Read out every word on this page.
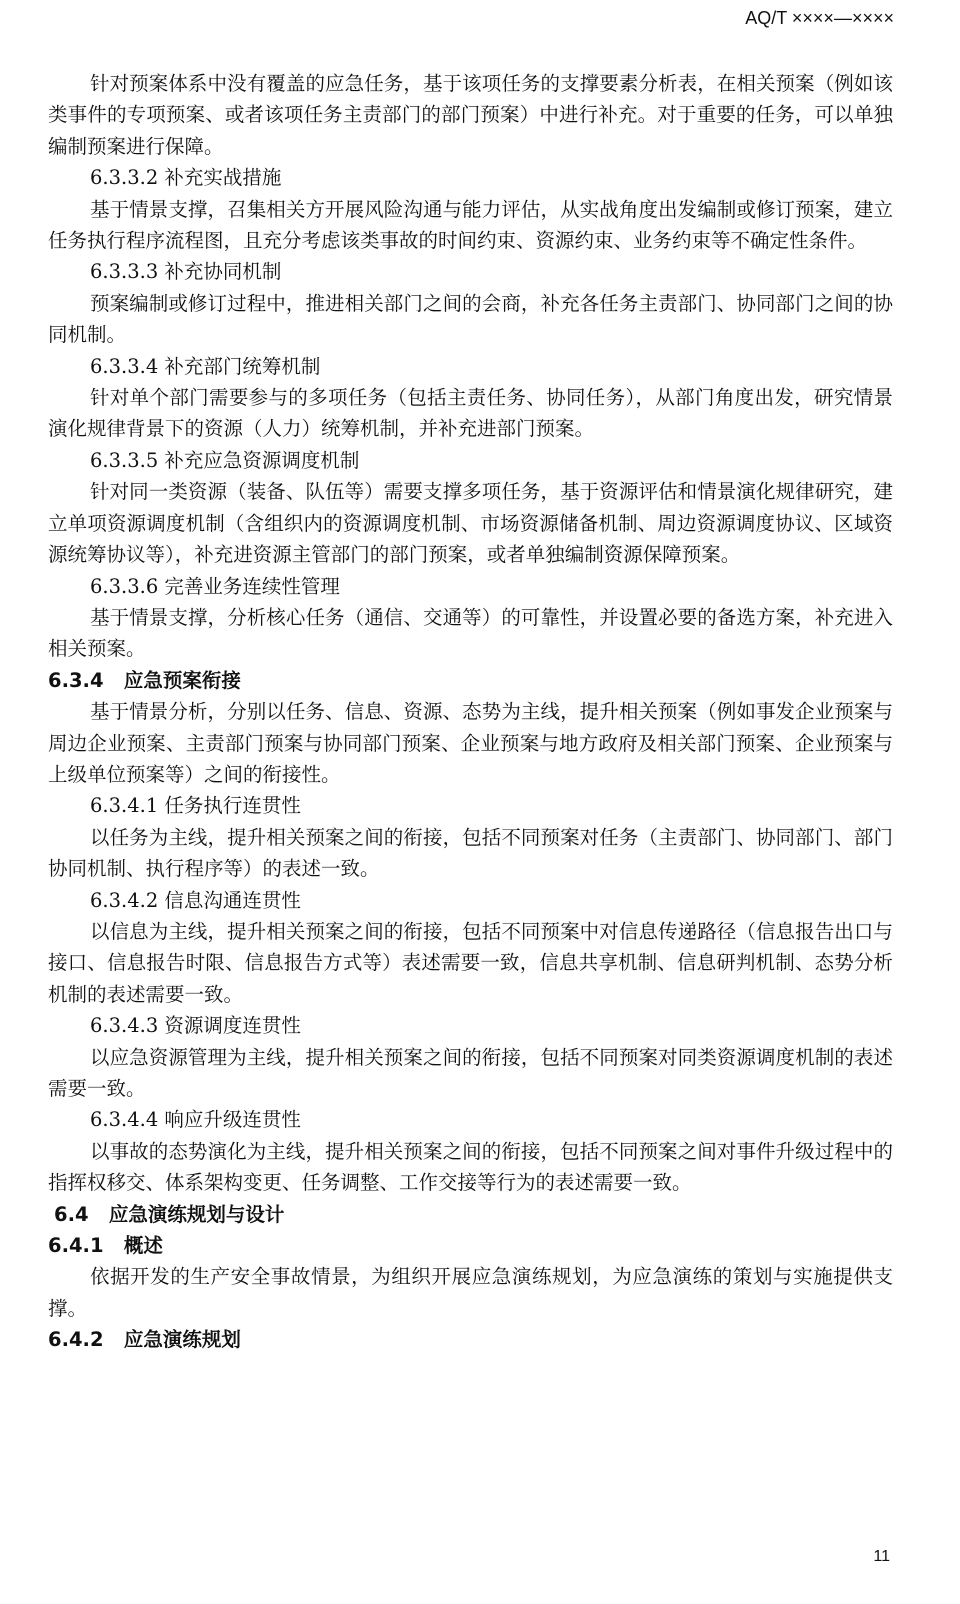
AQ/T ××××—××××

针对预案体系中没有覆盖的应急任务，基于该项任务的支撑要素分析表，在相关预案（例如该类事件的专项预案、或者该项任务主责部门的部门预案）中进行补充。对于重要的任务，可以单独编制预案进行保障。

6.3.3.2 补充实战措施

基于情景支撑，召集相关方开展风险沟通与能力评估，从实战角度出发编制或修订预案，建立任务执行程序流程图，且充分考虑该类事故的时间约束、资源约束、业务约束等不确定性条件。

6.3.3.3 补充协同机制

预案编制或修订过程中，推进相关部门之间的会商，补充各任务主责部门、协同部门之间的协同机制。

6.3.3.4 补充部门统筹机制

针对单个部门需要参与的多项任务（包括主责任务、协同任务），从部门角度出发，研究情景演化规律背景下的资源（人力）统筹机制，并补充进部门预案。

6.3.3.5 补充应急资源调度机制

针对同一类资源（装备、队伍等）需要支撑多项任务，基于资源评估和情景演化规律研究，建立单项资源调度机制（含组织内的资源调度机制、市场资源储备机制、周边资源调度协议、区域资源统筹协议等），补充进资源主管部门的部门预案，或者单独编制资源保障预案。

6.3.3.6 完善业务连续性管理

基于情景支撑，分析核心任务（通信、交通等）的可靠性，并设置必要的备选方案，补充进入相关预案。

6.3.4 应急预案衔接

基于情景分析，分别以任务、信息、资源、态势为主线，提升相关预案（例如事发企业预案与周边企业预案、主责部门预案与协同部门预案、企业预案与地方政府及相关部门预案、企业预案与上级单位预案等）之间的衔接性。

6.3.4.1 任务执行连贯性

以任务为主线，提升相关预案之间的衔接，包括不同预案对任务（主责部门、协同部门、部门协同机制、执行程序等）的表述一致。

6.3.4.2 信息沟通连贯性

以信息为主线，提升相关预案之间的衔接，包括不同预案中对信息传递路径（信息报告出口与接口、信息报告时限、信息报告方式等）表述需要一致，信息共享机制、信息研判机制、态势分析机制的表述需要一致。

6.3.4.3 资源调度连贯性

以应急资源管理为主线，提升相关预案之间的衔接，包括不同预案对同类资源调度机制的表述需要一致。

6.3.4.4 响应升级连贯性

以事故的态势演化为主线，提升相关预案之间的衔接，包括不同预案之间对事件升级过程中的指挥权移交、体系架构变更、任务调整、工作交接等行为的表述需要一致。

6.4 应急演练规划与设计

6.4.1 概述

依据开发的生产安全事故情景，为组织开展应急演练规划，为应急演练的策划与实施提供支撑。

6.4.2 应急演练规划

11
